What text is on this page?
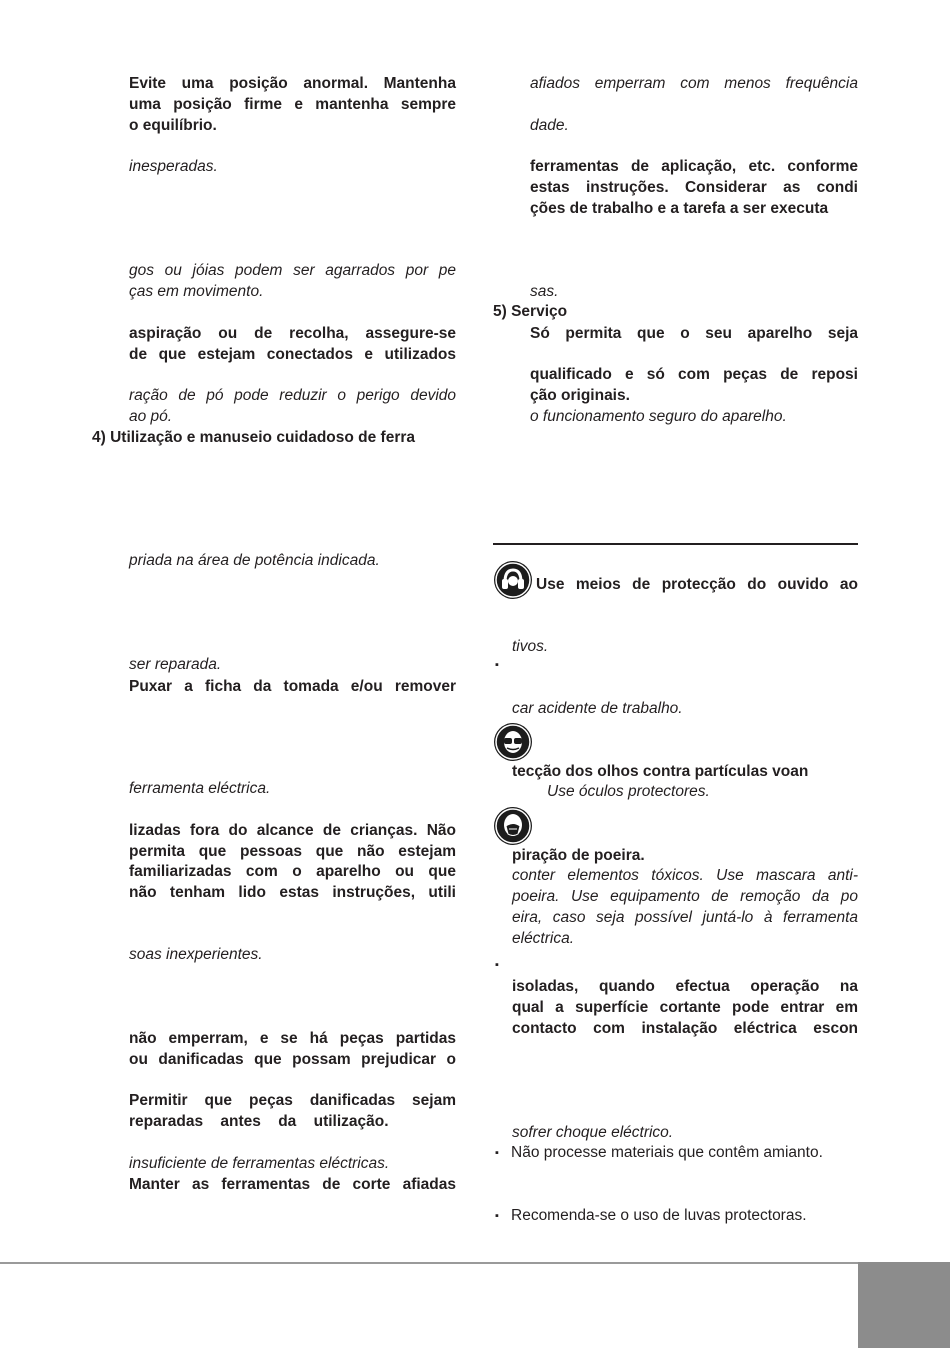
Evite uma posição anormal. Mantenha
uma posição firme e mantenha sempre
o equilíbrio.
inesperadas.
gos ou jóias podem ser agarrados por pe
ças em movimento.
aspiração ou de recolha, assegure-se
de que estejam conectados e utilizados
ração de pó pode reduzir o perigo devido
ao pó.
4) Utilização e manuseio cuidadoso de ferra
priada na área de potência indicada.
ser reparada.
Puxar a ficha da tomada e/ou remover
ferramenta eléctrica.
lizadas fora do alcance de crianças. Não
permita que pessoas que não estejam
familiarizadas com o aparelho ou que
não tenham lido estas instruções, utili
soas inexperientes.
não emperram, e se há peças partidas
ou danificadas que possam prejudicar o
Permitir que peças danificadas sejam
reparadas antes da utilização.
insuficiente de ferramentas eléctricas.
Manter as ferramentas de corte afiadas
afiados emperram com menos frequência
dade.
ferramentas de aplicação, etc. conforme
estas instruções. Considerar as condi
ções de trabalho e a tarefa a ser executa
sas.
5) Serviço
Só permita que o seu aparelho seja
qualificado e só com peças de reposi
ção originais.
o funcionamento seguro do aparelho.
Use meios de protecção do ouvido ao
tivos.
▪
car acidente de trabalho.
tecção dos olhos contra partículas voan
Use óculos protectores.
piração de poeira.
conter elementos tóxicos. Use mascara anti-
poeira. Use equipamento de remoção da po
eira, caso seja possível juntá-lo à ferramenta
eléctrica.
▪
isoladas, quando efectua operação na
qual a superfície cortante pode entrar em
contacto com instalação eléctrica escon
sofrer choque eléctrico.
▪ Não processe materiais que contêm amianto.
▪ Recomenda-se o uso de luvas protectoras.
